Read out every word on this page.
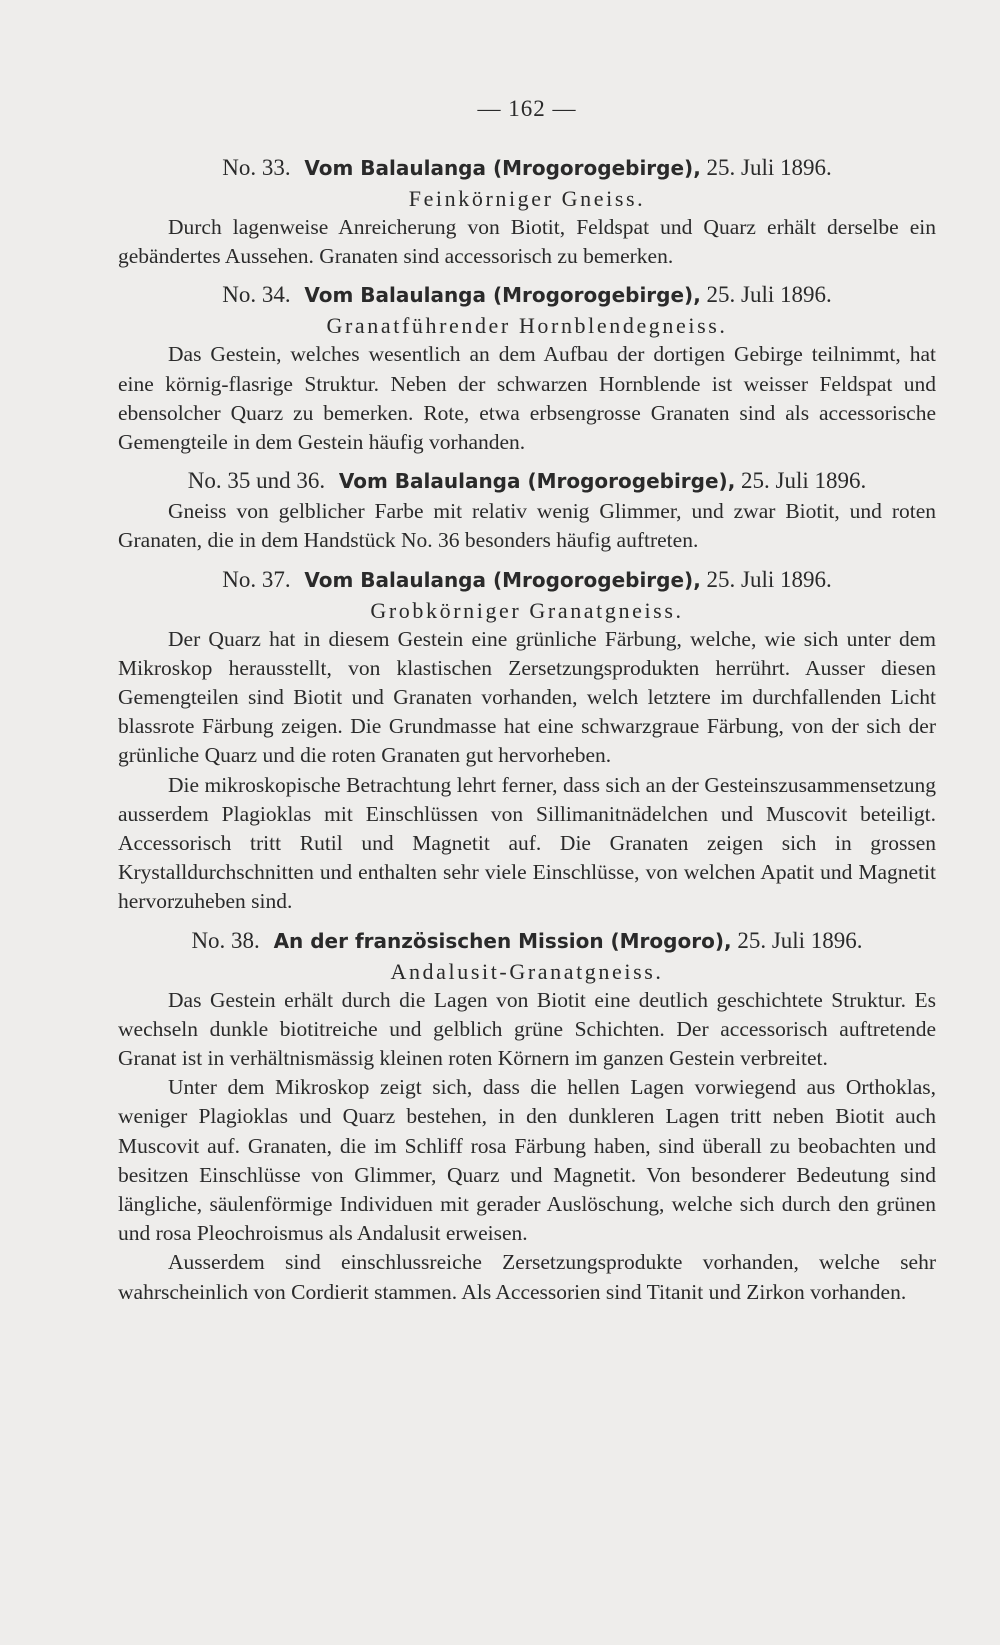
— 162 —

No. 33. Vom Balaulanga (Mrogorogebirge), 25. Juli 1896.

Feinkörniger Gneiss.

Durch lagenweise Anreicherung von Biotit, Feldspat und Quarz erhält derselbe ein gebändertes Aussehen. Granaten sind accessorisch zu bemerken.

No. 34. Vom Balaulanga (Mrogorogebirge), 25. Juli 1896.

Granatführender Hornblendegneiss.

Das Gestein, welches wesentlich an dem Aufbau der dortigen Gebirge teilnimmt, hat eine körnig-flasrige Struktur. Neben der schwarzen Hornblende ist weisser Feldspat und ebensolcher Quarz zu bemerken. Rote, etwa erbsengrosse Granaten sind als accessorische Gemengteile in dem Gestein häufig vorhanden.

No. 35 und 36. Vom Balaulanga (Mrogorogebirge), 25. Juli 1896.

Gneiss von gelblicher Farbe mit relativ wenig Glimmer, und zwar Biotit, und roten Granaten, die in dem Handstück No. 36 besonders häufig auftreten.

No. 37. Vom Balaulanga (Mrogorogebirge), 25. Juli 1896.

Grobkörniger Granatgneiss.

Der Quarz hat in diesem Gestein eine grünliche Färbung, welche, wie sich unter dem Mikroskop herausstellt, von klastischen Zersetzungsprodukten herrührt. Ausser diesen Gemengteilen sind Biotit und Granaten vorhanden, welch letztere im durchfallenden Licht blassrote Färbung zeigen. Die Grundmasse hat eine schwarzgraue Färbung, von der sich der grünliche Quarz und die roten Granaten gut hervorheben.

Die mikroskopische Betrachtung lehrt ferner, dass sich an der Gesteinszusammensetzung ausserdem Plagioklas mit Einschlüssen von Sillimanitnädelchen und Muscovit beteiligt. Accessorisch tritt Rutil und Magnetit auf. Die Granaten zeigen sich in grossen Krystalldurchschnitten und enthalten sehr viele Einschlüsse, von welchen Apatit und Magnetit hervorzuheben sind.

No. 38. An der französischen Mission (Mrogoro), 25. Juli 1896.

Andalusit-Granatgneiss.

Das Gestein erhält durch die Lagen von Biotit eine deutlich geschichtete Struktur. Es wechseln dunkle biotitreiche und gelblich grüne Schichten. Der accessorisch auftretende Granat ist in verhältnismässig kleinen roten Körnern im ganzen Gestein verbreitet.

Unter dem Mikroskop zeigt sich, dass die hellen Lagen vorwiegend aus Orthoklas, weniger Plagioklas und Quarz bestehen, in den dunkleren Lagen tritt neben Biotit auch Muscovit auf. Granaten, die im Schliff rosa Färbung haben, sind überall zu beobachten und besitzen Einschlüsse von Glimmer, Quarz und Magnetit. Von besonderer Bedeutung sind längliche, säulenförmige Individuen mit gerader Auslöschung, welche sich durch den grünen und rosa Pleochroismus als Andalusit erweisen.

Ausserdem sind einschlussreiche Zersetzungsprodukte vorhanden, welche sehr wahrscheinlich von Cordierit stammen. Als Accessorien sind Titanit und Zirkon vorhanden.
